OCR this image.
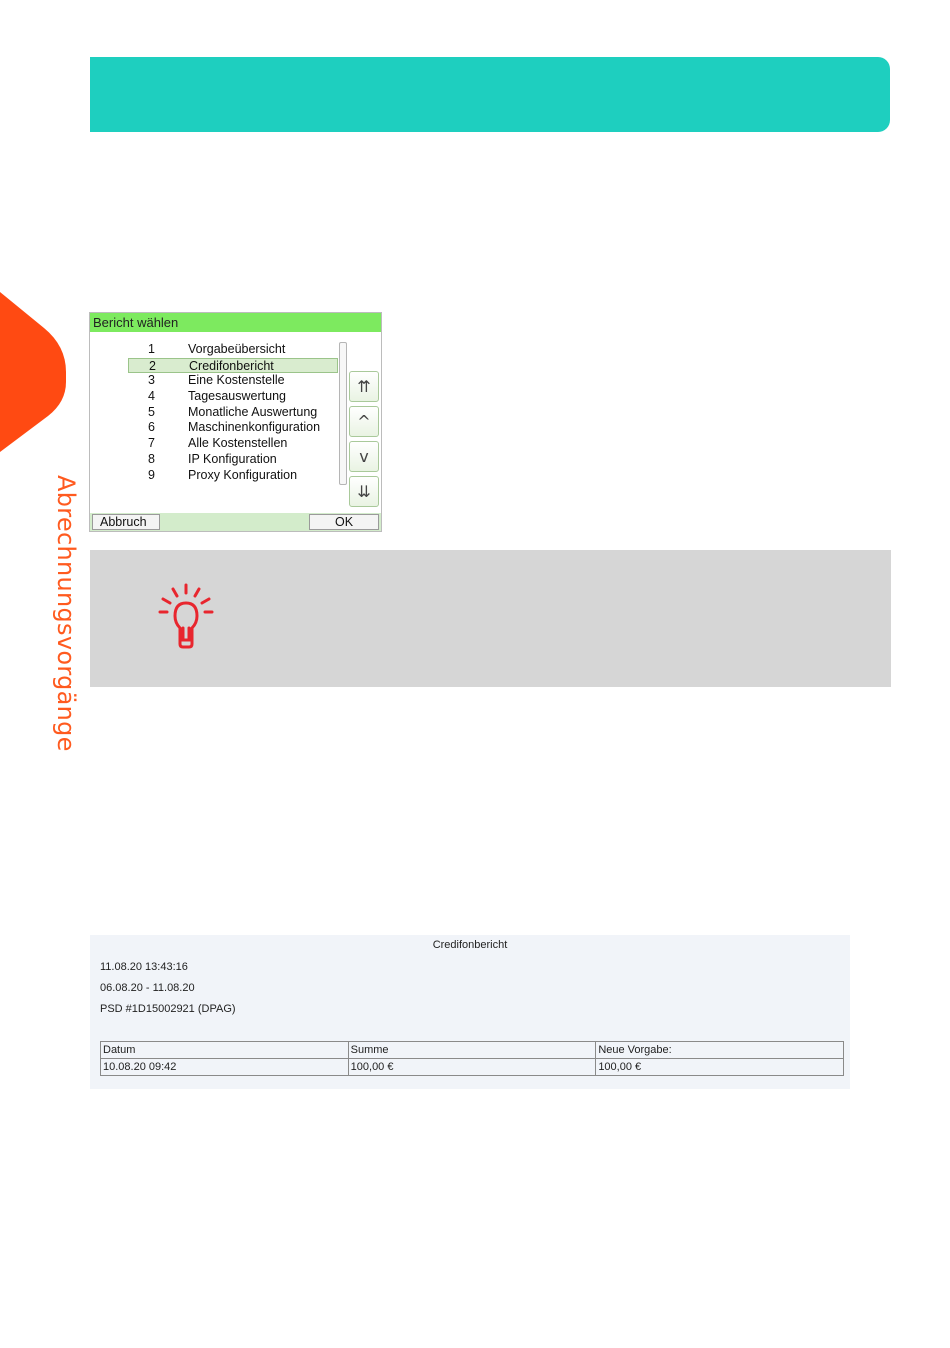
Abrechnungsvorgänge
Bericht wählen
1	Vorgabeübersicht
2	Credifonbericht
3	Eine Kostenstelle
4	Tagesauswertung
5	Monatliche Auswertung
6	Maschinenkonfiguration
7	Alle Kostenstellen
8	IP Konfiguration
9	Proxy Konfiguration
⇈
^
v
⇊
Abbruch	OK
Credifonbericht
11.08.20 13:43:16
06.08.20 - 11.08.20
PSD #1D15002921 (DPAG)
Datum	Summe	Neue Vorgabe:
10.08.20 09:42	100,00 €	100,00 €
